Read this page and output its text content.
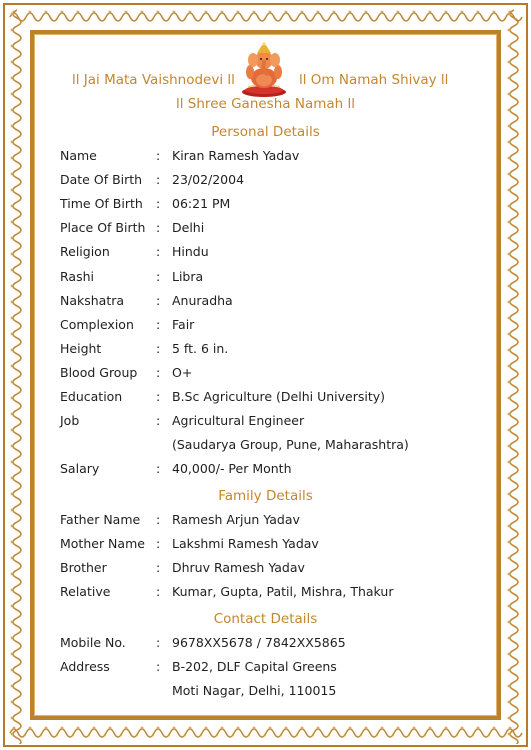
ll Jai Mata Vaishnodevi ll	ll Om Namah Shivay ll
ll Shree Ganesha Namah ll
Personal Details
Name	: Kiran Ramesh Yadav
Date Of Birth : 23/02/2004
Time Of Birth : 06:21 PM
Place Of Birth : Delhi
Religion	: Hindu
Rashi	: Libra
Nakshatra	: Anuradha
Complexion : Fair
Height	: 5 ft. 6 in.
Blood Group : O+
Education	: B.Sc Agriculture (Delhi University)
Job	: Agricultural Engineer
(Saudarya Group, Pune, Maharashtra)
Salary	: 40,000/- Per Month
Family Details
Father Name : Ramesh Arjun Yadav
Mother Name : Lakshmi Ramesh Yadav
Brother	: Dhruv Ramesh Yadav
Relative	: Kumar, Gupta, Patil, Mishra, Thakur
Contact Details
Mobile No. : 9678XX5678 / 7842XX5865
Address	: B-202, DLF Capital Greens
Moti Nagar, Delhi, 110015
